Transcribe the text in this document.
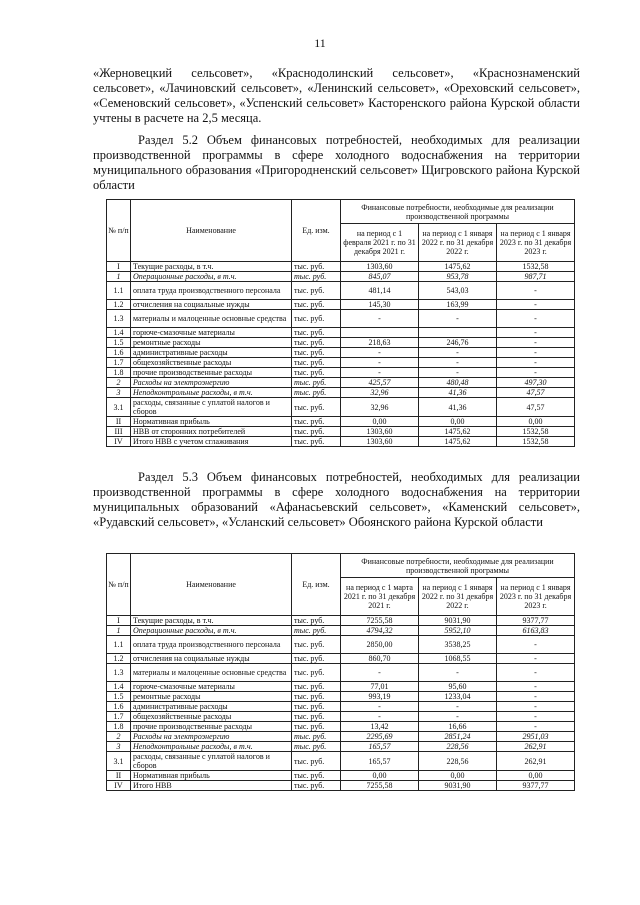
11

«Жерновецкий сельсовет», «Краснодолинский сельсовет», «Краснознаменский сельсовет», «Лачиновский сельсовет», «Ленинский сельсовет», «Ореховский сельсовет», «Семеновский сельсовет», «Успенский сельсовет» Касторенского района Курской области учтены в расчете на 2,5 месяца.

Раздел 5.2 Объем финансовых потребностей, необходимых для реализации производственной программы в сфере холодного водоснабжения на территории муниципального образования «Пригородненский сельсовет» Щигровского района Курской области

№ п/п	Наименование	Ед. изм.	Финансовые потребности, необходимые для реализации производственной программы		
			на период с 1 февраля 2021 г. по 31 декабря 2021 г.	на период с 1 января 2022 г. по 31 декабря 2022 г.	на период с 1 января 2023 г. по 31 декабря 2023 г.
I	Текущие расходы, в т.ч.	тыс. руб.	1303,60	1475,62	1532,58
1	Операционные расходы, в т.ч.	тыс. руб.	845,07	953,78	987,71
1.1	оплата труда производственного персонала	тыс. руб.	481,14	543,03	-
1.2	отчисления на социальные нужды	тыс. руб.	145,30	163,99	-
1.3	материалы и малоценные основные средства	тыс. руб.	-	-	-
1.4	горюче-смазочные материалы	тыс. руб.			-
1.5	ремонтные расходы	тыс. руб.	218,63	246,76	-
1.6	административные расходы	тыс. руб.	-	-	-
1.7	общехозяйственные расходы	тыс. руб.	-	-	-
1.8	прочие производственные расходы	тыс. руб.	-	-	-
2	Расходы на электроэнергию	тыс. руб.	425,57	480,48	497,30
3	Неподконтрольные расходы, в т.ч.	тыс. руб.	32,96	41,36	47,57
3.1	расходы, связанные с уплатой налогов и сборов	тыс. руб.	32,96	41,36	47,57
II	Нормативная прибыль	тыс. руб.	0,00	0,00	0,00
III	НВВ от сторонних потребителей	тыс. руб.	1303,60	1475,62	1532,58
IV	Итого НВВ с учетом сглаживания	тыс. руб.	1303,60	1475,62	1532,58

Раздел 5.3 Объем финансовых потребностей, необходимых для реализации производственной программы в сфере холодного водоснабжения на территории муниципальных образований «Афанасьевский сельсовет», «Каменский сельсовет», «Рудавский сельсовет», «Усланский сельсовет» Обоянского района Курской области

№ п/п	Наименование	Ед. изм.	Финансовые потребности, необходимые для реализации производственной программы		
			на период с 1 марта 2021 г. по 31 декабря 2021 г.	на период с 1 января 2022 г. по 31 декабря 2022 г.	на период с 1 января 2023 г. по 31 декабря 2023 г.
I	Текущие расходы, в т.ч.	тыс. руб.	7255,58	9031,90	9377,77
1	Операционные расходы, в т.ч.	тыс. руб.	4794,32	5952,10	6163,83
1.1	оплата труда производственного персонала	тыс. руб.	2850,00	3538,25	-
1.2	отчисления на социальные нужды	тыс. руб.	860,70	1068,55	-
1.3	материалы и малоценные основные средства	тыс. руб.	-	-	-
1.4	горюче-смазочные материалы	тыс. руб.	77,01	95,60	-
1.5	ремонтные расходы	тыс. руб.	993,19	1233,04	-
1.6	административные расходы	тыс. руб.	-	-	-
1.7	общехозяйственные расходы	тыс. руб.	-	-	-
1.8	прочие производственные расходы	тыс. руб.	13,42	16,66	-
2	Расходы на электроэнергию	тыс. руб.	2295,69	2851,24	2951,03
3	Неподконтрольные расходы, в т.ч.	тыс. руб.	165,57	228,56	262,91
3.1	расходы, связанные с уплатой налогов и сборов	тыс. руб.	165,57	228,56	262,91
II	Нормативная прибыль	тыс. руб.	0,00	0,00	0,00
IV	Итого НВВ	тыс. руб.	7255,58	9031,90	9377,77
